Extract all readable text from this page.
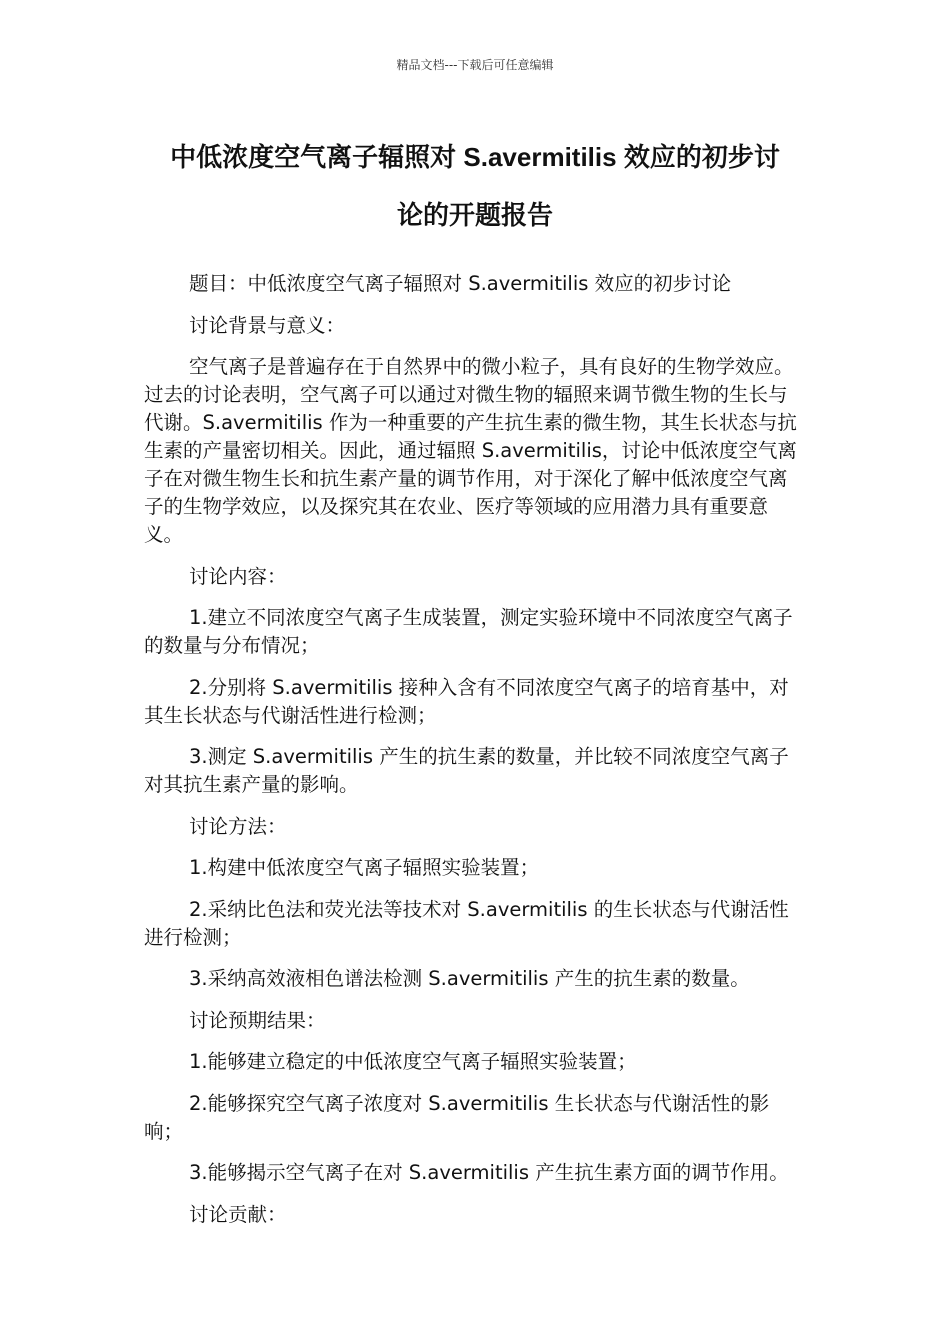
精品文档---下载后可任意编辑
中低浓度空气离子辐照对 S.avermitilis 效应的初步讨
论的开题报告

题目：中低浓度空气离子辐照对 S.avermitilis 效应的初步讨论

讨论背景与意义：

空气离子是普遍存在于自然界中的微小粒子，具有良好的生物学效应。过去的讨论表明，空气离子可以通过对微生物的辐照来调节微生物的生长与代谢。S.avermitilis 作为一种重要的产生抗生素的微生物，其生长状态与抗生素的产量密切相关。因此，通过辐照 S.avermitilis，讨论中低浓度空气离子在对微生物生长和抗生素产量的调节作用，对于深化了解中低浓度空气离子的生物学效应，以及探究其在农业、医疗等领域的应用潜力具有重要意义。

讨论内容：

1.建立不同浓度空气离子生成装置，测定实验环境中不同浓度空气离子的数量与分布情况；

2.分别将 S.avermitilis 接种入含有不同浓度空气离子的培育基中，对其生长状态与代谢活性进行检测；

3.测定 S.avermitilis 产生的抗生素的数量，并比较不同浓度空气离子对其抗生素产量的影响。

讨论方法：

1.构建中低浓度空气离子辐照实验装置；

2.采纳比色法和荧光法等技术对 S.avermitilis 的生长状态与代谢活性进行检测；

3.采纳高效液相色谱法检测 S.avermitilis 产生的抗生素的数量。

讨论预期结果：

1.能够建立稳定的中低浓度空气离子辐照实验装置；

2.能够探究空气离子浓度对 S.avermitilis 生长状态与代谢活性的影响；

3.能够揭示空气离子在对 S.avermitilis 产生抗生素方面的调节作用。

讨论贡献：
